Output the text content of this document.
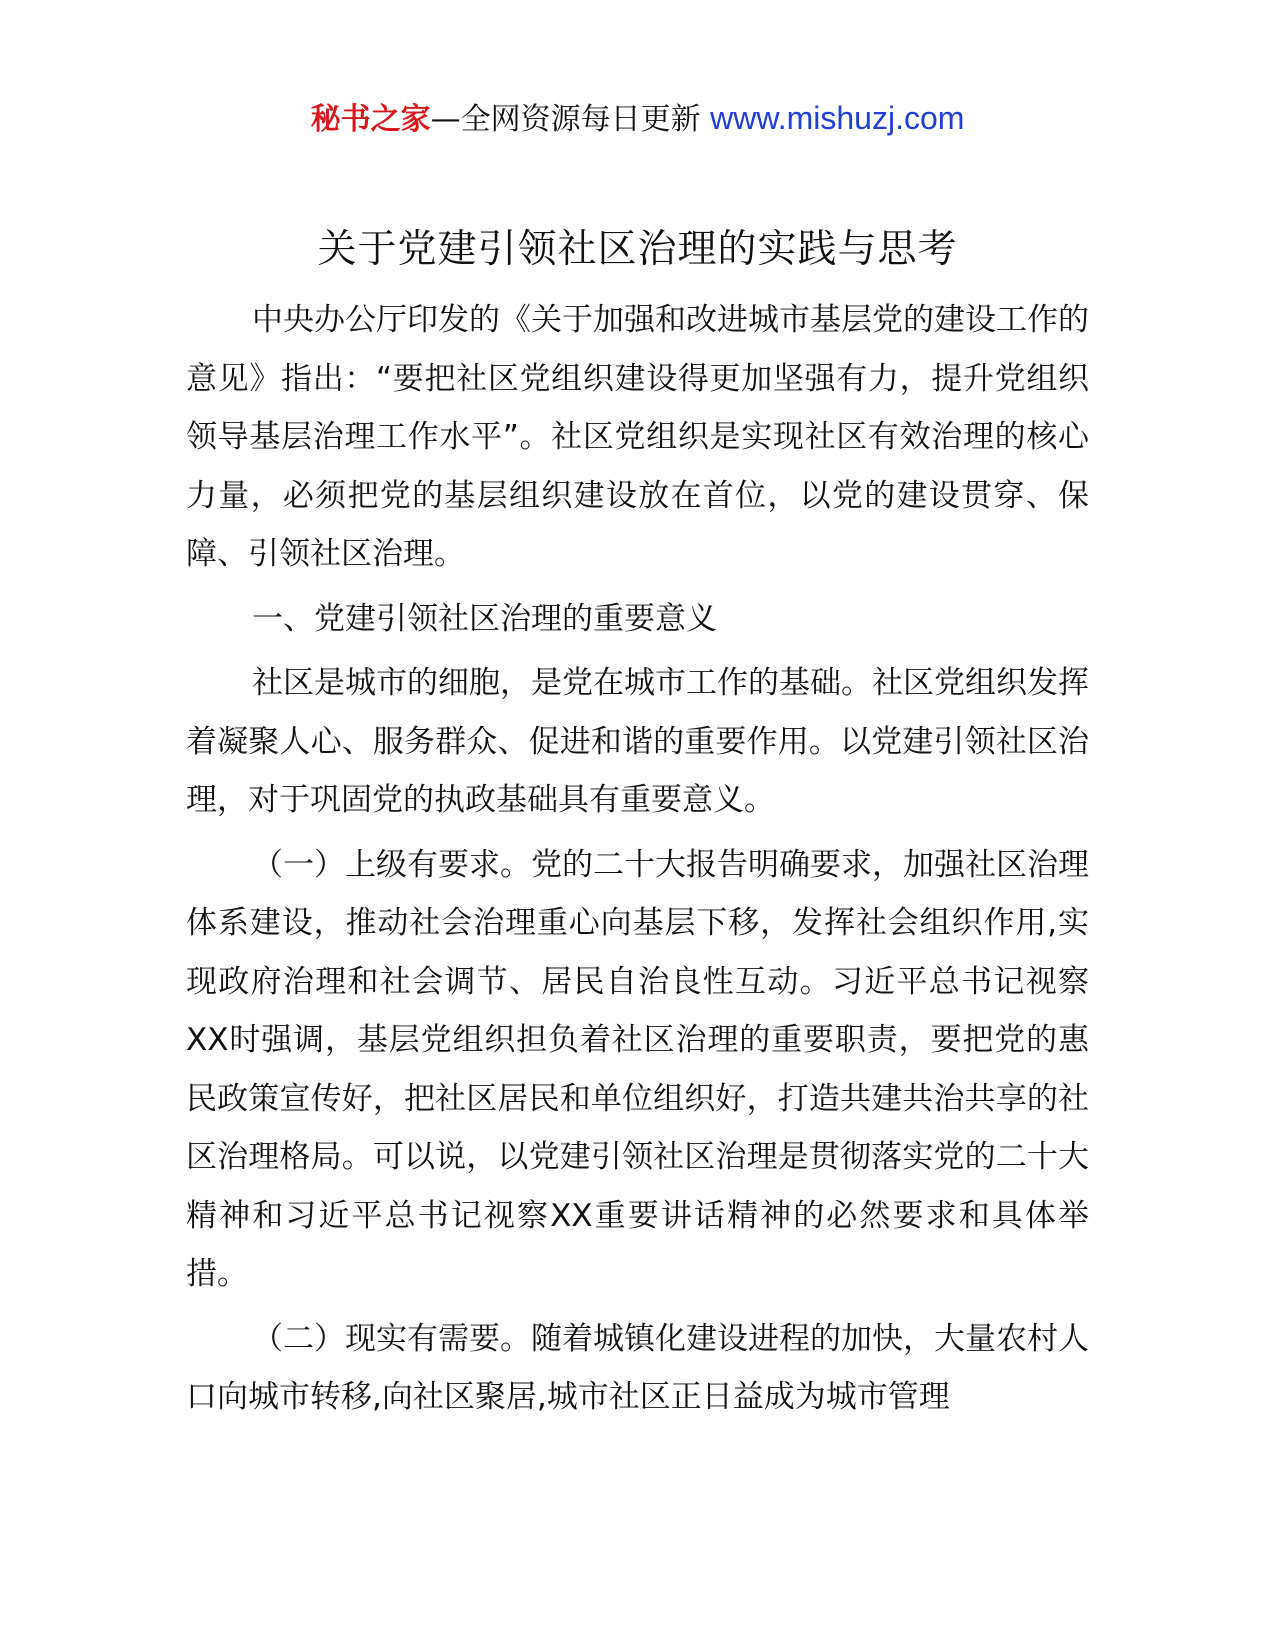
秘书之家—全网资源每日更新 www.mishuzj.com
关于党建引领社区治理的实践与思考

中央办公厅印发的《关于加强和改进城市基层党的建设工作的意见》指出：“要把社区党组织建设得更加坚强有力，提升党组织领导基层治理工作水平”。社区党组织是实现社区有效治理的核心力量，必须把党的基层组织建设放在首位，以党的建设贯穿、保障、引领社区治理。

一、党建引领社区治理的重要意义

社区是城市的细胞，是党在城市工作的基础。社区党组织发挥着凝聚人心、服务群众、促进和谐的重要作用。以党建引领社区治理，对于巩固党的执政基础具有重要意义。

（一）上级有要求。党的二十大报告明确要求，加强社区治理体系建设，推动社会治理重心向基层下移，发挥社会组织作用,实现政府治理和社会调节、居民自治良性互动。习近平总书记视察XX时强调，基层党组织担负着社区治理的重要职责，要把党的惠民政策宣传好，把社区居民和单位组织好，打造共建共治共享的社区治理格局。可以说，以党建引领社区治理是贯彻落实党的二十大精神和习近平总书记视察XX重要讲话精神的必然要求和具体举措。

（二）现实有需要。随着城镇化建设进程的加快，大量农村人口向城市转移,向社区聚居,城市社区正日益成为城市管理
